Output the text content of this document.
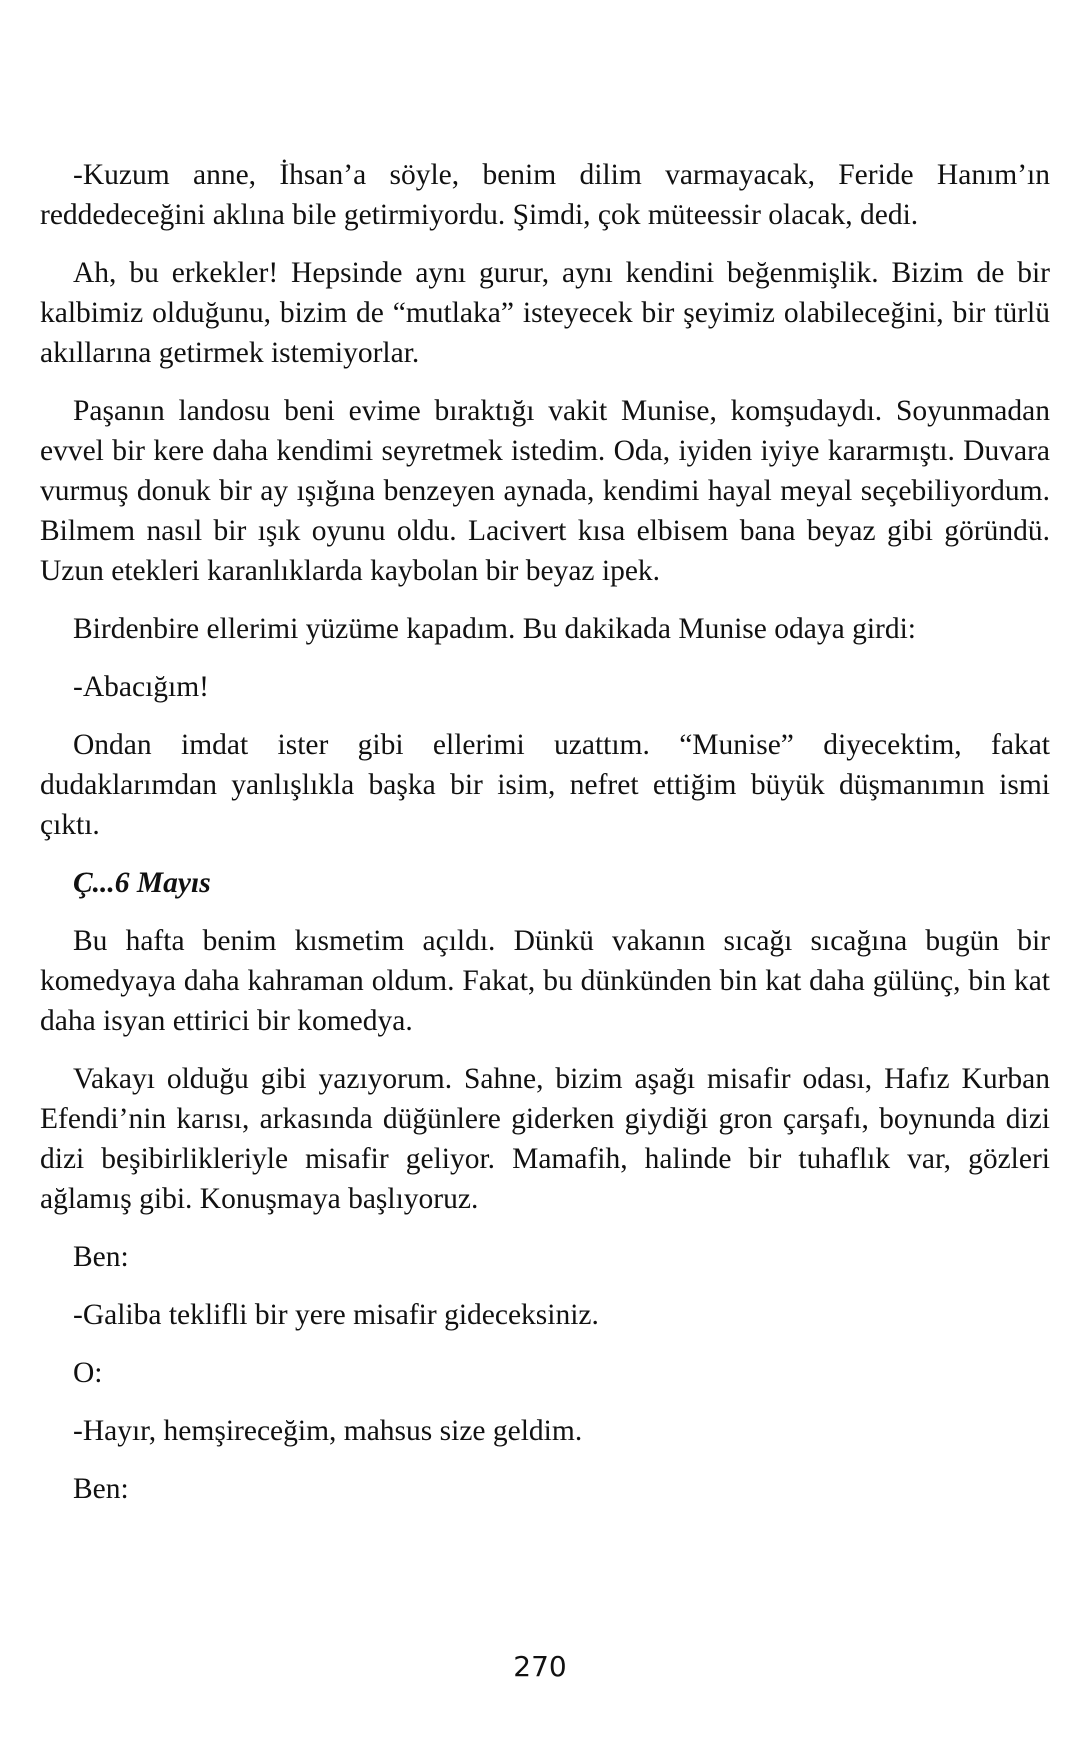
-Kuzum anne, İhsan’a söyle, benim dilim varmayacak, Feride Hanım’ın reddedeceğini aklına bile getirmiyordu. Şimdi, çok müteessir olacak, dedi.

Ah, bu erkekler! Hepsinde aynı gurur, aynı kendini beğenmişlik. Bizim de bir kalbimiz olduğunu, bizim de “mutlaka” isteyecek bir şeyimiz olabileceğini, bir türlü akıllarına getirmek istemiyorlar.

Paşanın landosu beni evime bıraktığı vakit Munise, komşudaydı. Soyunmadan evvel bir kere daha kendimi seyretmek istedim. Oda, iyiden iyiye kararmıştı. Duvara vurmuş donuk bir ay ışığına benzeyen aynada, kendimi hayal meyal seçebiliyordum. Bilmem nasıl bir ışık oyunu oldu. Lacivert kısa elbisem bana beyaz gibi göründü. Uzun etekleri karanlıklarda kaybolan bir beyaz ipek.

Birdenbire ellerimi yüzüme kapadım. Bu dakikada Munise odaya girdi:

-Abacığım!

Ondan imdat ister gibi ellerimi uzattım. “Munise” diyecektim, fakat dudaklarımdan yanlışlıkla başka bir isim, nefret ettiğim büyük düşmanımın ismi çıktı.

Ç...6 Mayıs

Bu hafta benim kısmetim açıldı. Dünkü vakanın sıcağı sıcağına bugün bir komedyaya daha kahraman oldum. Fakat, bu dünkünden bin kat daha gülünç, bin kat daha isyan ettirici bir komedya.

Vakayı olduğu gibi yazıyorum. Sahne, bizim aşağı misafir odası, Hafız Kurban Efendi’nin karısı, arkasında düğünlere giderken giydiği gron çarşafı, boynunda dizi dizi beşibirlikleriyle misafir geliyor. Mamafih, halinde bir tuhaflık var, gözleri ağlamış gibi. Konuşmaya başlıyoruz.

Ben:

-Galiba teklifli bir yere misafir gideceksiniz.

O:

-Hayır, hemşireceğim, mahsus size geldim.

Ben:

270
